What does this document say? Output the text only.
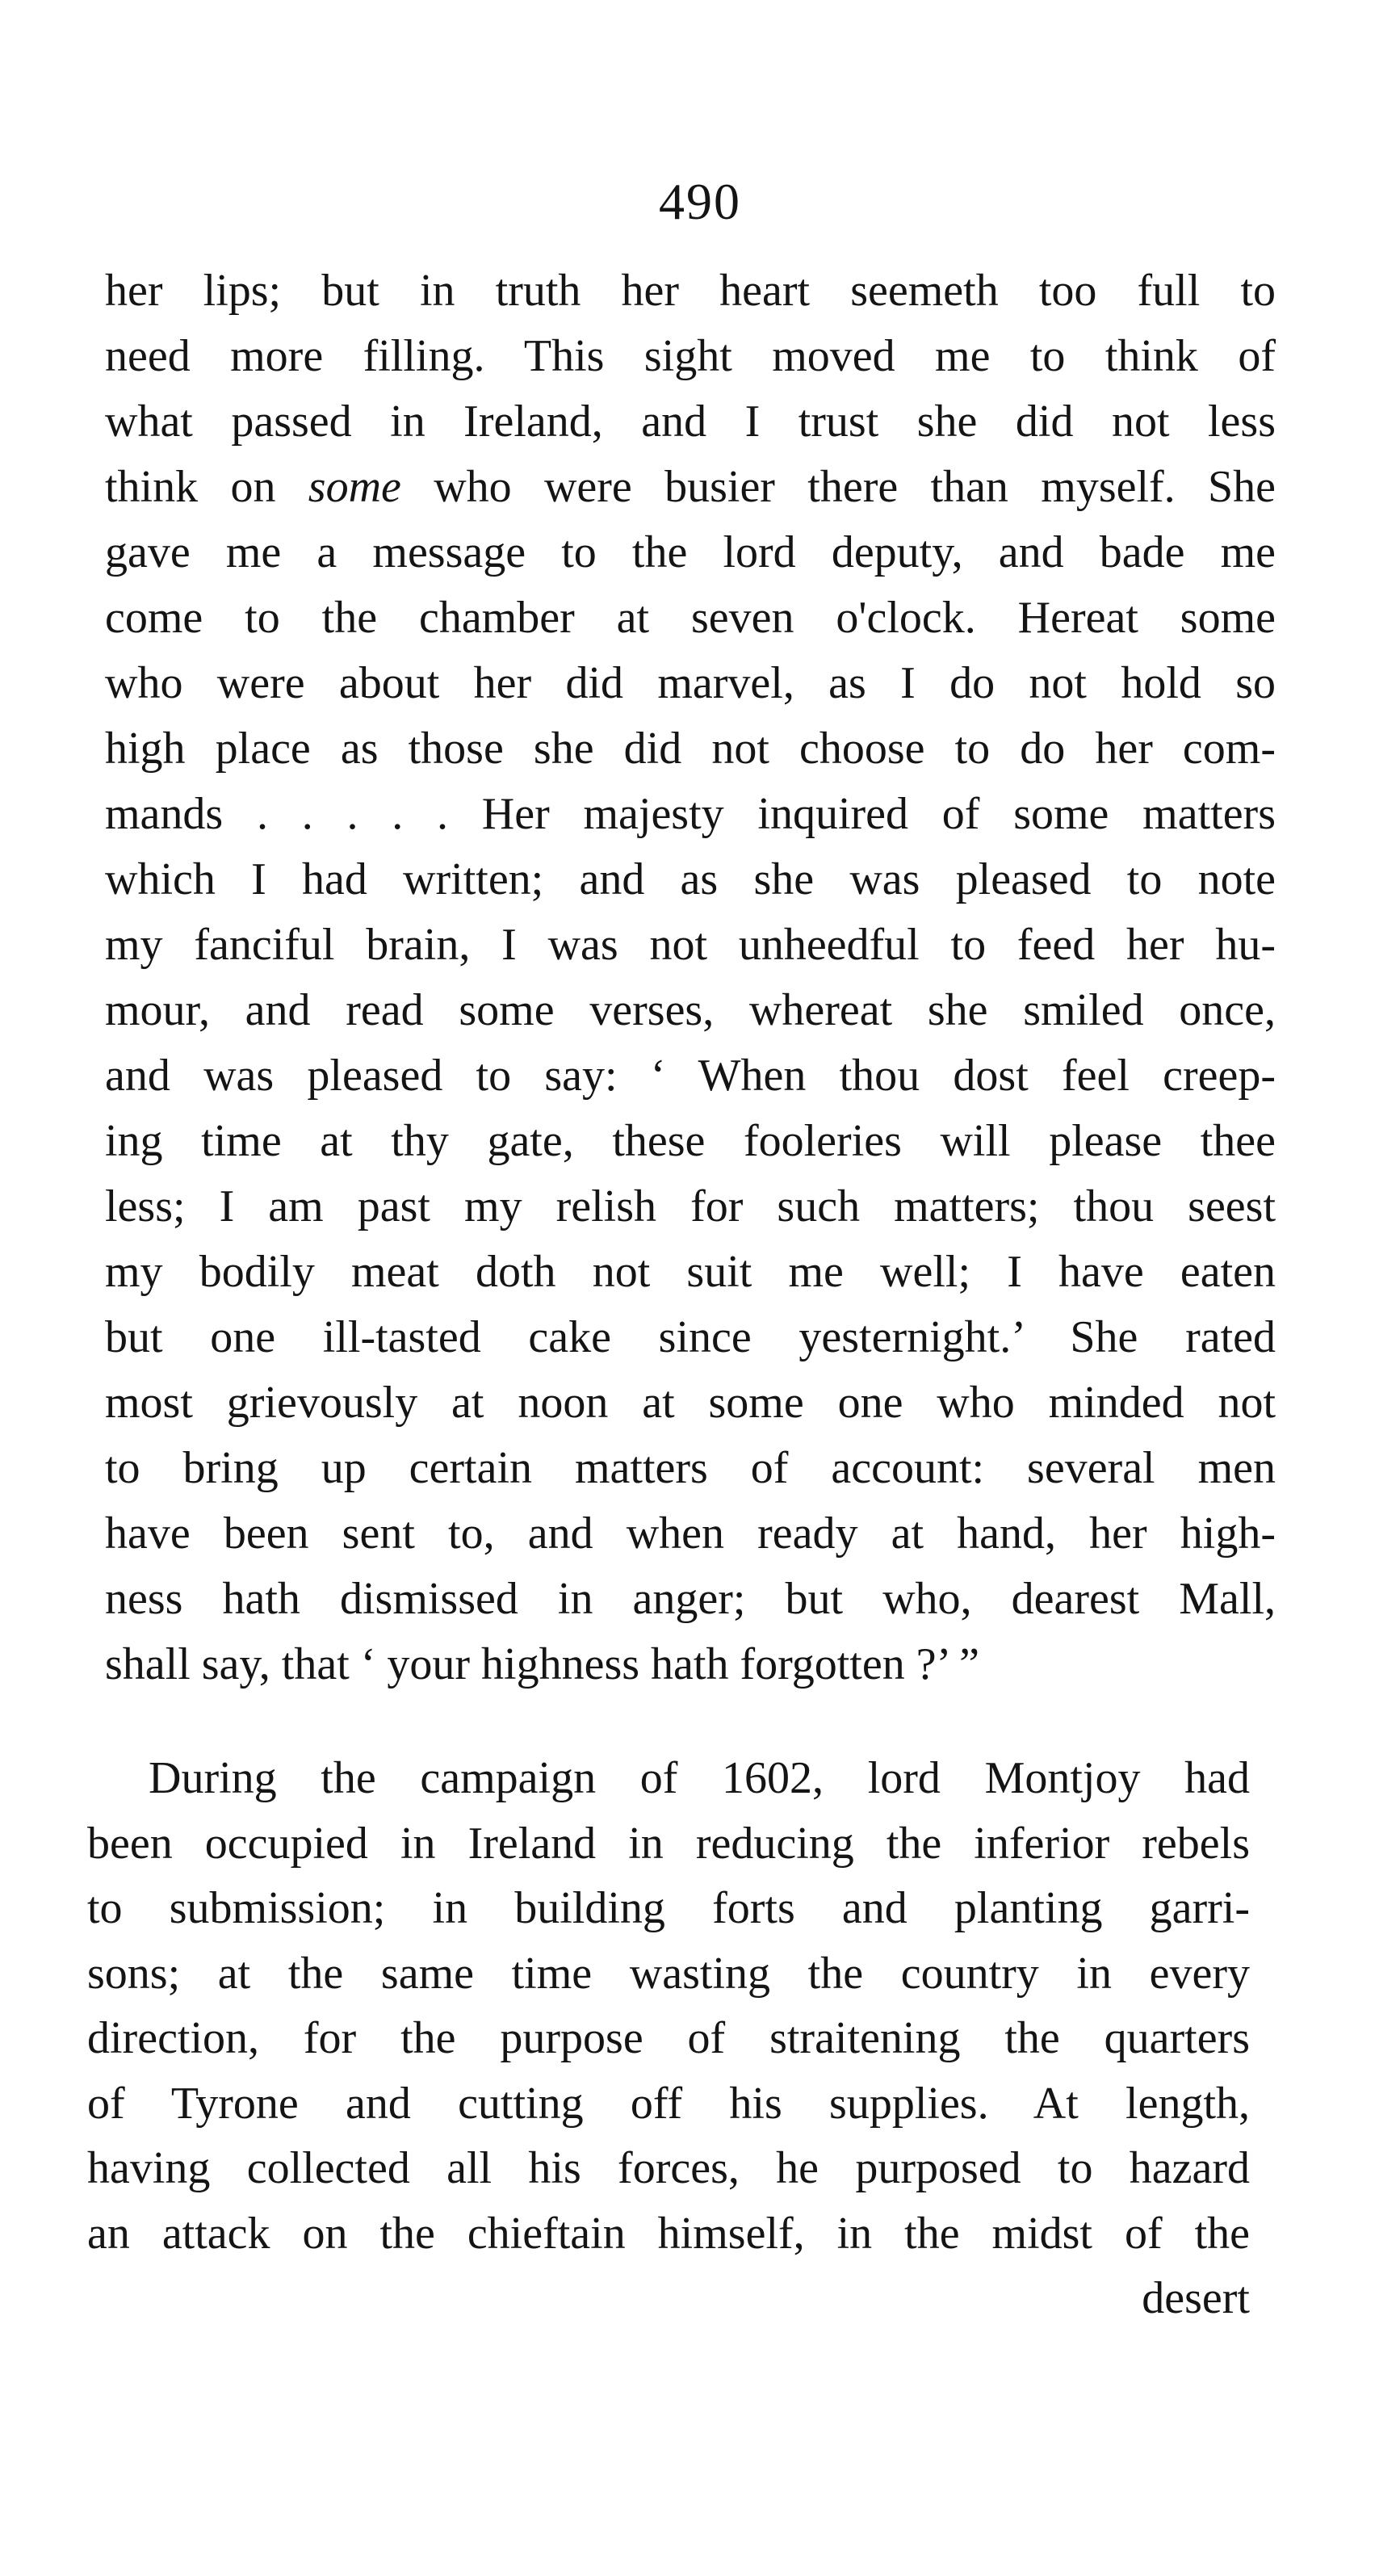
490
her lips; but in truth her heart seemeth too full to
need more filling. This sight moved me to think of
what passed in Ireland, and I trust she did not less
think on some who were busier there than myself. She
gave me a message to the lord deputy, and bade me
come to the chamber at seven o'clock. Hereat some
who were about her did marvel, as I do not hold so
high place as those she did not choose to do her com-
mands . . . . . Her majesty inquired of some matters
which I had written; and as she was pleased to note
my fanciful brain, I was not unheedful to feed her hu-
mour, and read some verses, whereat she smiled once,
and was pleased to say: ‘ When thou dost feel creep-
ing time at thy gate, these fooleries will please thee
less; I am past my relish for such matters; thou seest
my bodily meat doth not suit me well; I have eaten
but one ill-tasted cake since yesternight.’ She rated
most grievously at noon at some one who minded not
to bring up certain matters of account: several men
have been sent to, and when ready at hand, her high-
ness hath dismissed in anger; but who, dearest Mall,
shall say, that ‘ your highness hath forgotten ?’ ”
During the campaign of 1602, lord Montjoy had
been occupied in Ireland in reducing the inferior rebels
to submission; in building forts and planting garri-
sons; at the same time wasting the country in every
direction, for the purpose of straitening the quarters
of Tyrone and cutting off his supplies. At length,
having collected all his forces, he purposed to hazard
an attack on the chieftain himself, in the midst of the
desert
